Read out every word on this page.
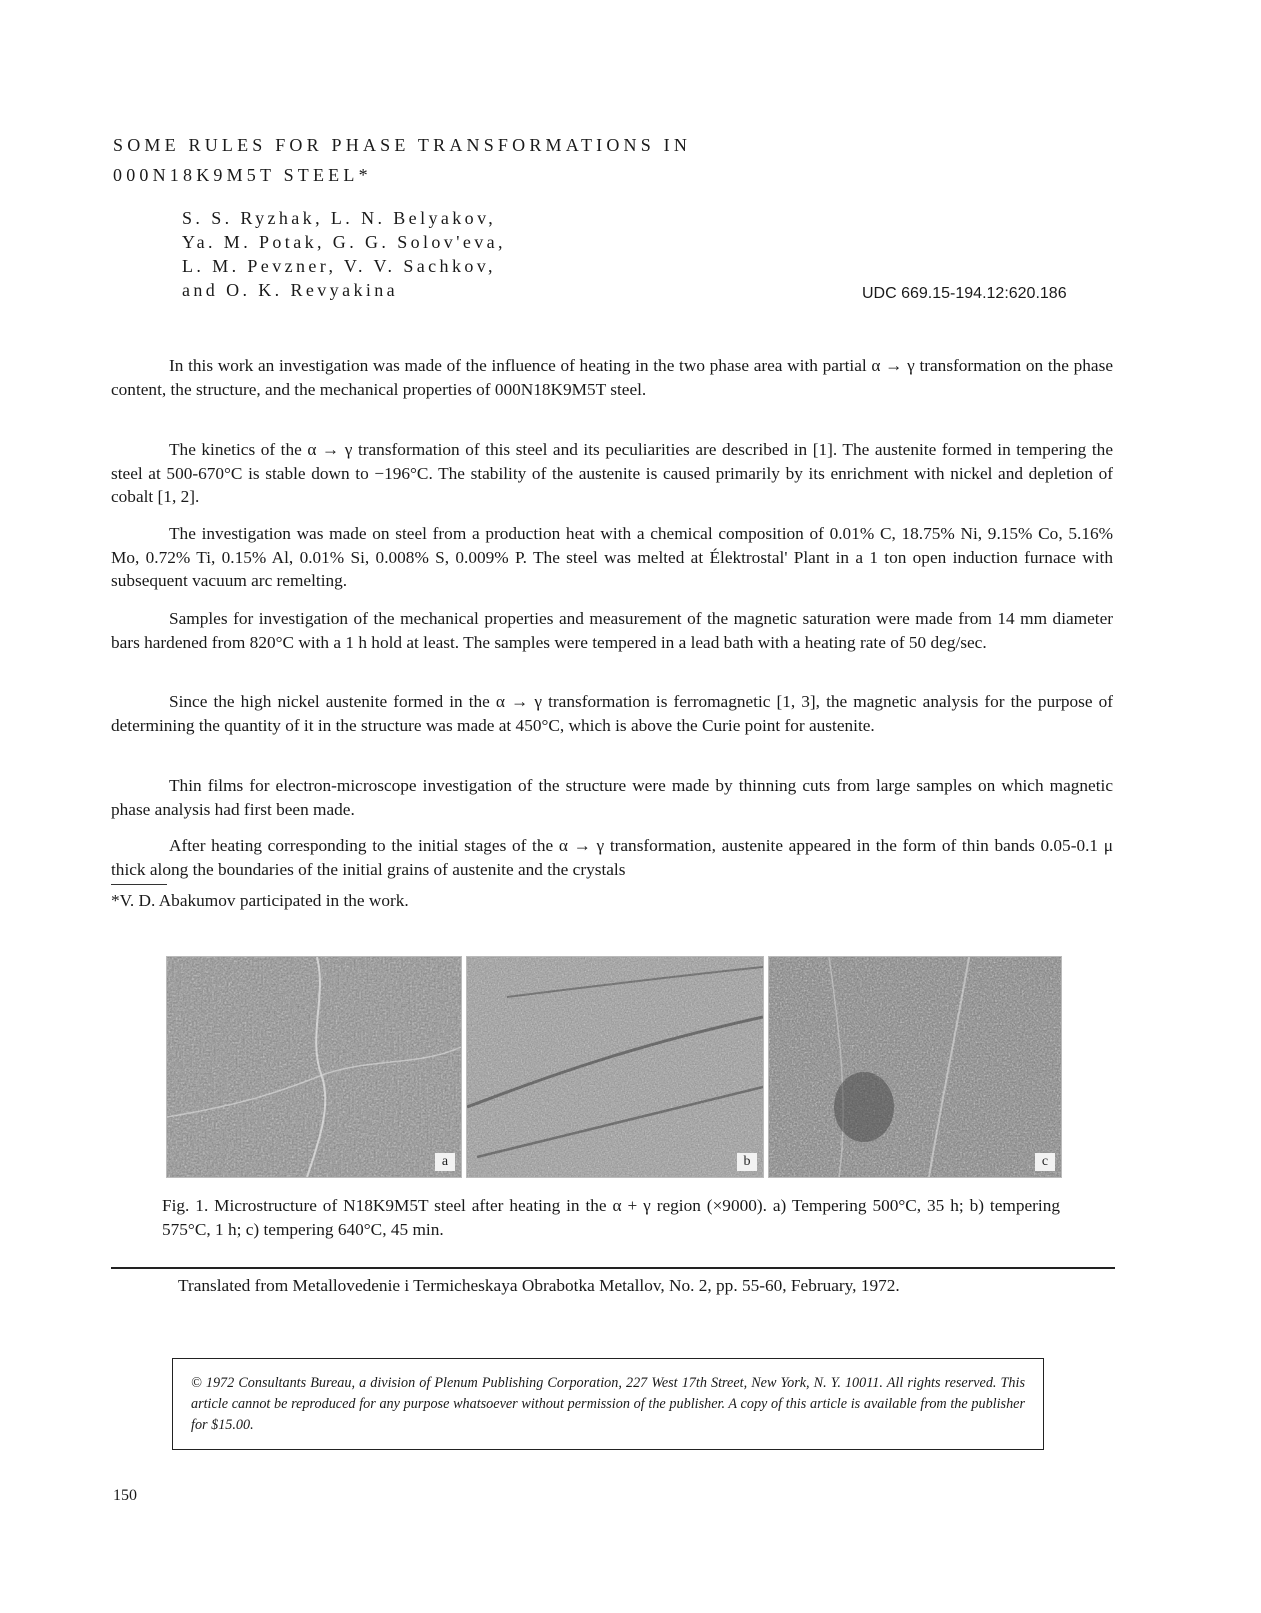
SOME RULES FOR PHASE TRANSFORMATIONS IN
000N18K9M5T STEEL*
S. S. Ryzhak, L. N. Belyakov,
Ya. M. Potak, G. G. Solov'eva,
L. M. Pevzner, V. V. Sachkov,
and O. K. Revyakina	UDC 669.15-194.12:620.186

In this work an investigation was made of the influence of heating in the two phase area with partial α → γ transformation on the phase content, the structure, and the mechanical properties of 000N18K9M5T steel.

The kinetics of the α → γ transformation of this steel and its peculiarities are described in [1]. The austenite formed in tempering the steel at 500-670°C is stable down to −196°C. The stability of the austenite is caused primarily by its enrichment with nickel and depletion of cobalt [1, 2].

The investigation was made on steel from a production heat with a chemical composition of 0.01% C, 18.75% Ni, 9.15% Co, 5.16% Mo, 0.72% Ti, 0.15% Al, 0.01% Si, 0.008% S, 0.009% P. The steel was melted at Élektrostal' Plant in a 1 ton open induction furnace with subsequent vacuum arc remelting.

Samples for investigation of the mechanical properties and measurement of the magnetic saturation were made from 14 mm diameter bars hardened from 820°C with a 1 h hold at least. The samples were tempered in a lead bath with a heating rate of 50 deg/sec.

Since the high nickel austenite formed in the α → γ transformation is ferromagnetic [1, 3], the magnetic analysis for the purpose of determining the quantity of it in the structure was made at 450°C, which is above the Curie point for austenite.

Thin films for electron-microscope investigation of the structure were made by thinning cuts from large samples on which magnetic phase analysis had first been made.

After heating corresponding to the initial stages of the α → γ transformation, austenite appeared in the form of thin bands 0.05-0.1 μ thick along the boundaries of the initial grains of austenite and the crystals

*V. D. Abakumov participated in the work.
a	b	c
Fig. 1. Microstructure of N18K9M5T steel after heating in the α + γ region (×9000). a) Tempering 500°C, 35 h; b) tempering 575°C, 1 h; c) tempering 640°C, 45 min.
Translated from Metallovedenie i Termicheskaya Obrabotka Metallov, No. 2, pp. 55-60, February, 1972.
© 1972 Consultants Bureau, a division of Plenum Publishing Corporation, 227 West 17th Street, New York, N. Y. 10011. All rights reserved. This article cannot be reproduced for any purpose whatsoever without permission of the publisher. A copy of this article is available from the publisher for $15.00.
150
